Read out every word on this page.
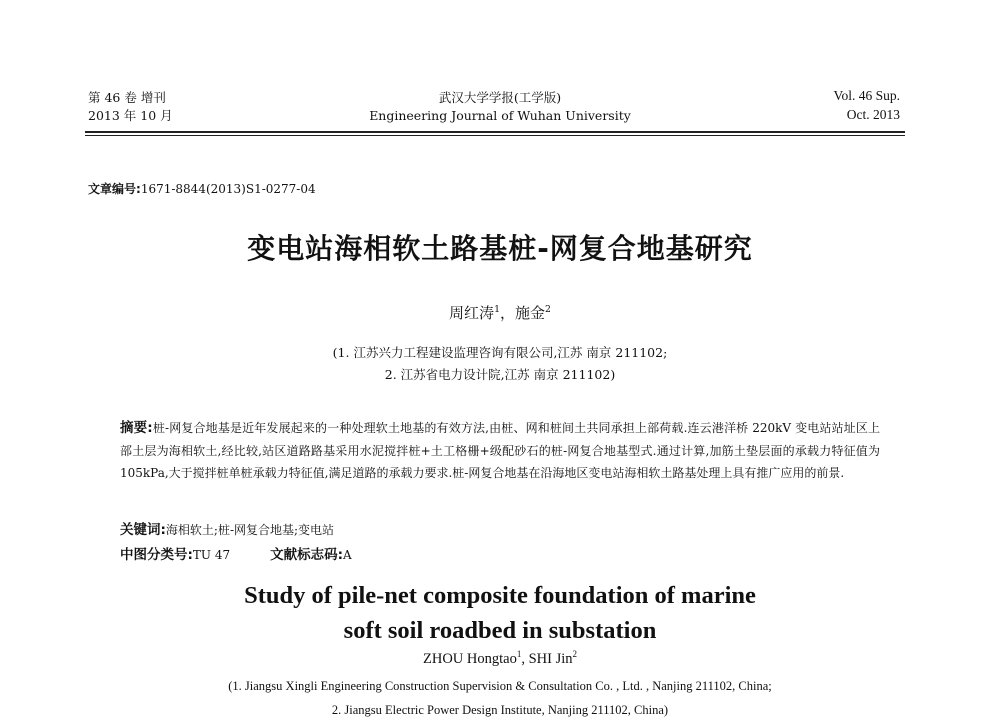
第 46 卷 增刊
2013 年 10 月
武汉大学学报(工学版)
Engineering Journal of Wuhan University
Vol. 46 Sup.
Oct. 2013
文章编号:1671-8844(2013)S1-0277-04
变电站海相软土路基桩-网复合地基研究
周红涛$^1$，施金$^2$
(1. 江苏兴力工程建设监理咨询有限公司,江苏 南京 211102;
2. 江苏省电力设计院,江苏 南京 211102)
摘要:桩-网复合地基是近年发展起来的一种处理软土地基的有效方法,由桩、网和桩间土共同承担上部荷载.连云港洋桥 220kV 变电站站址区上部土层为海相软土,经比较,站区道路路基采用水泥搅拌桩+土工格栅+级配砂石的桩-网复合地基型式.通过计算,加筋土垫层面的承载力特征值为 105kPa,大于搅拌桩单桩承载力特征值,满足道路的承载力要求.桩-网复合地基在沿海地区变电站海相软土路基处理上具有推广应用的前景.
关键词:海相软土;桩-网复合地基;变电站
中图分类号:TU 47	文献标志码:A
Study of pile-net composite foundation of marine
soft soil roadbed in substation
ZHOU Hongtao$^1$, SHI Jin$^2$
(1. Jiangsu Xingli Engineering Construction Supervision & Consultation Co. , Ltd. , Nanjing 211102, China;
2. Jiangsu Electric Power Design Institute, Nanjing 211102, China)
